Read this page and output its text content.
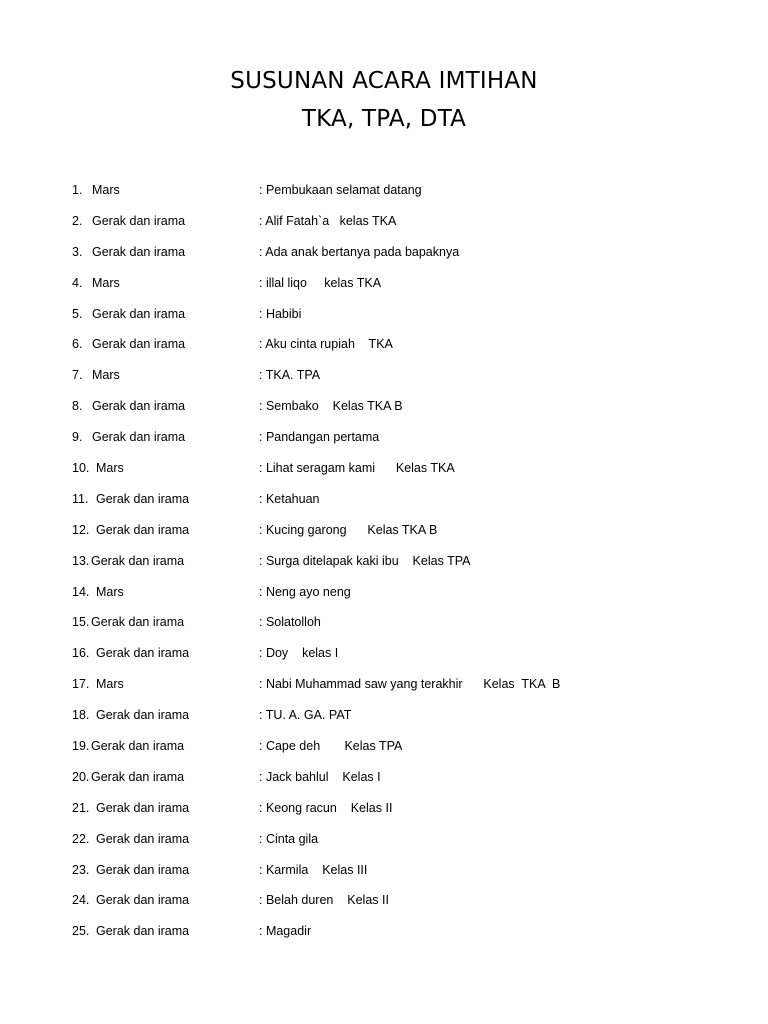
SUSUNAN ACARA IMTIHAN
TKA, TPA, DTA
1. Mars	: Pembukaan selamat datang
2. Gerak dan irama	: Alif Fatah`a   kelas TKA
3. Gerak dan irama	: Ada anak bertanya pada bapaknya
4. Mars	: illal liqo     kelas TKA
5. Gerak dan irama	: Habibi
6. Gerak dan irama	: Aku cinta rupiah    TKA
7. Mars	: TKA. TPA
8. Gerak dan irama	: Sembako    Kelas TKA B
9. Gerak dan irama	: Pandangan pertama
10. Mars	: Lihat seragam kami      Kelas TKA
11. Gerak dan irama	: Ketahuan
12. Gerak dan irama	: Kucing garong      Kelas TKA B
13. Gerak dan irama	: Surga ditelapak kaki ibu    Kelas TPA
14. Mars	: Neng ayo neng
15. Gerak dan irama	: Solatolloh
16. Gerak dan irama	: Doy    kelas I
17. Mars	: Nabi Muhammad saw yang terakhir      Kelas  TKA  B
18. Gerak dan irama	: TU. A. GA. PAT
19. Gerak dan irama	: Cape deh       Kelas TPA
20. Gerak dan irama	: Jack bahlul    Kelas I
21. Gerak dan irama	: Keong racun    Kelas II
22. Gerak dan irama	: Cinta gila
23. Gerak dan irama	: Karmila    Kelas III
24. Gerak dan irama	: Belah duren    Kelas II
25. Gerak dan irama	: Magadir
